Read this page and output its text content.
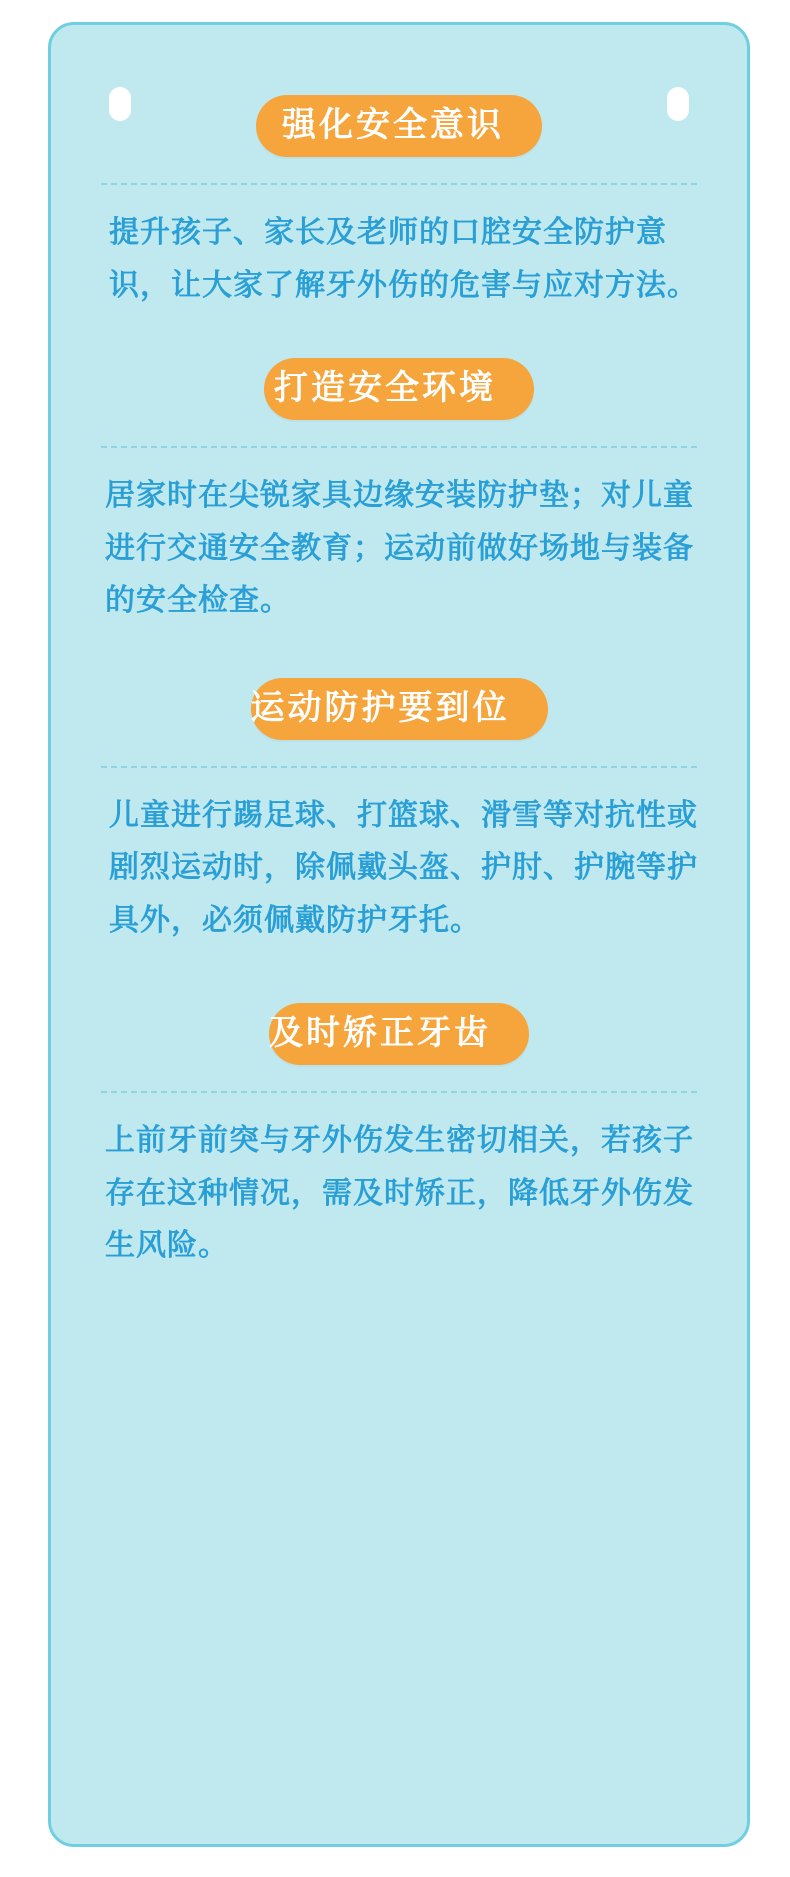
强化安全意识

提升孩子、家长及老师的口腔安全防护意识，让大家了解牙外伤的危害与应对方法。

打造安全环境

居家时在尖锐家具边缘安装防护垫；对儿童进行交通安全教育；运动前做好场地与装备的安全检查。

运动防护要到位

儿童进行踢足球、打篮球、滑雪等对抗性或剧烈运动时，除佩戴头盔、护肘、护腕等护具外，必须佩戴防护牙托。

及时矫正牙齿

上前牙前突与牙外伤发生密切相关，若孩子存在这种情况，需及时矫正，降低牙外伤发生风险。
